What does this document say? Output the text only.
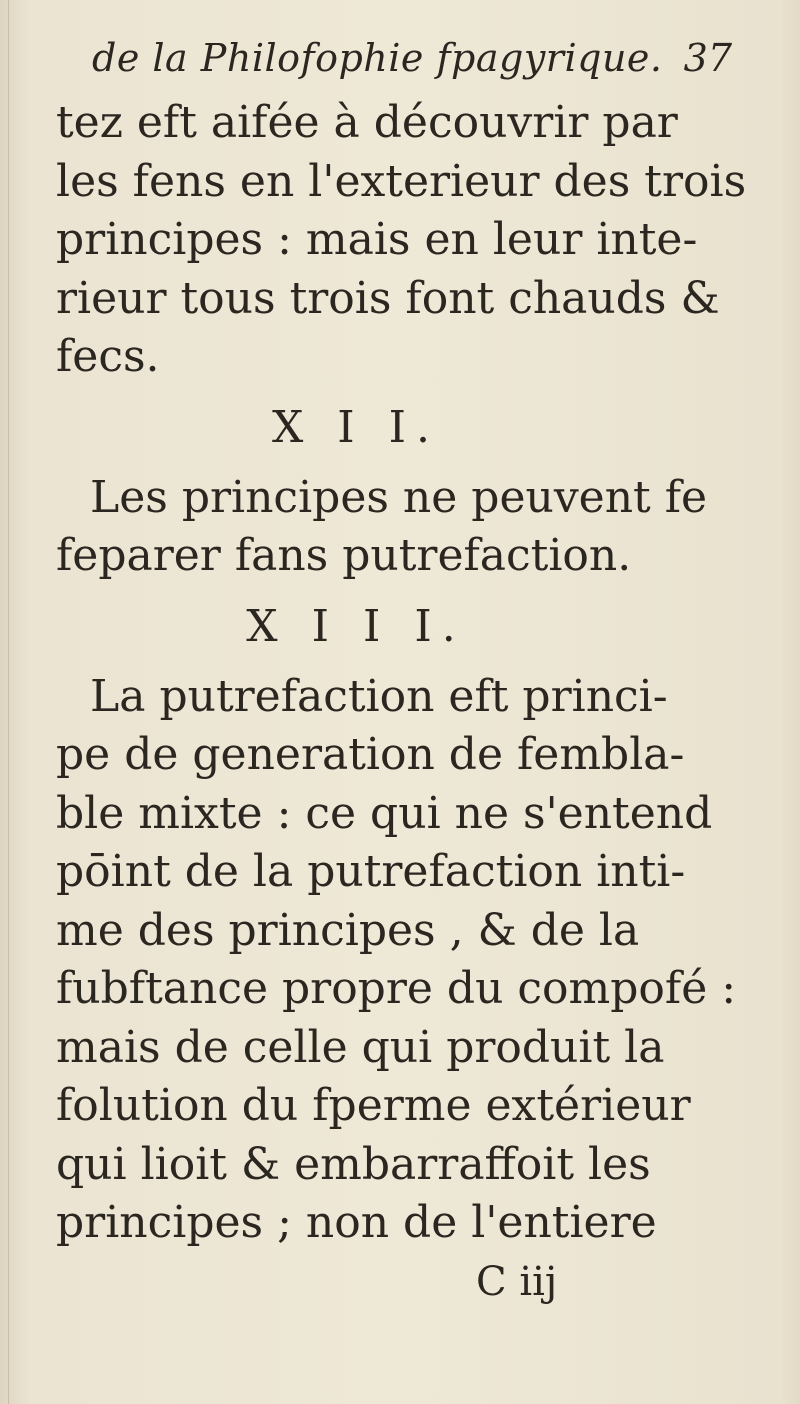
de la Philofophie fpagyrique. 37
tez eft aifée à découvrir par
les fens en l'exterieur des trois
principes : mais en leur inte-
rieur tous trois font chauds &
fecs.
X I I.
Les principes ne peuvent fe
feparer fans putrefaction.
X I I I.
La putrefaction eft princi-
pe de generation de fembla-
ble mixte : ce qui ne s'entend
pōint de la putrefaction inti-
me des principes , & de la
fubftance propre du compofé :
mais de celle qui produit la
folution du fperme extérieur
qui lioit & embarraffoit les
principes ; non de l'entiere
C iij
